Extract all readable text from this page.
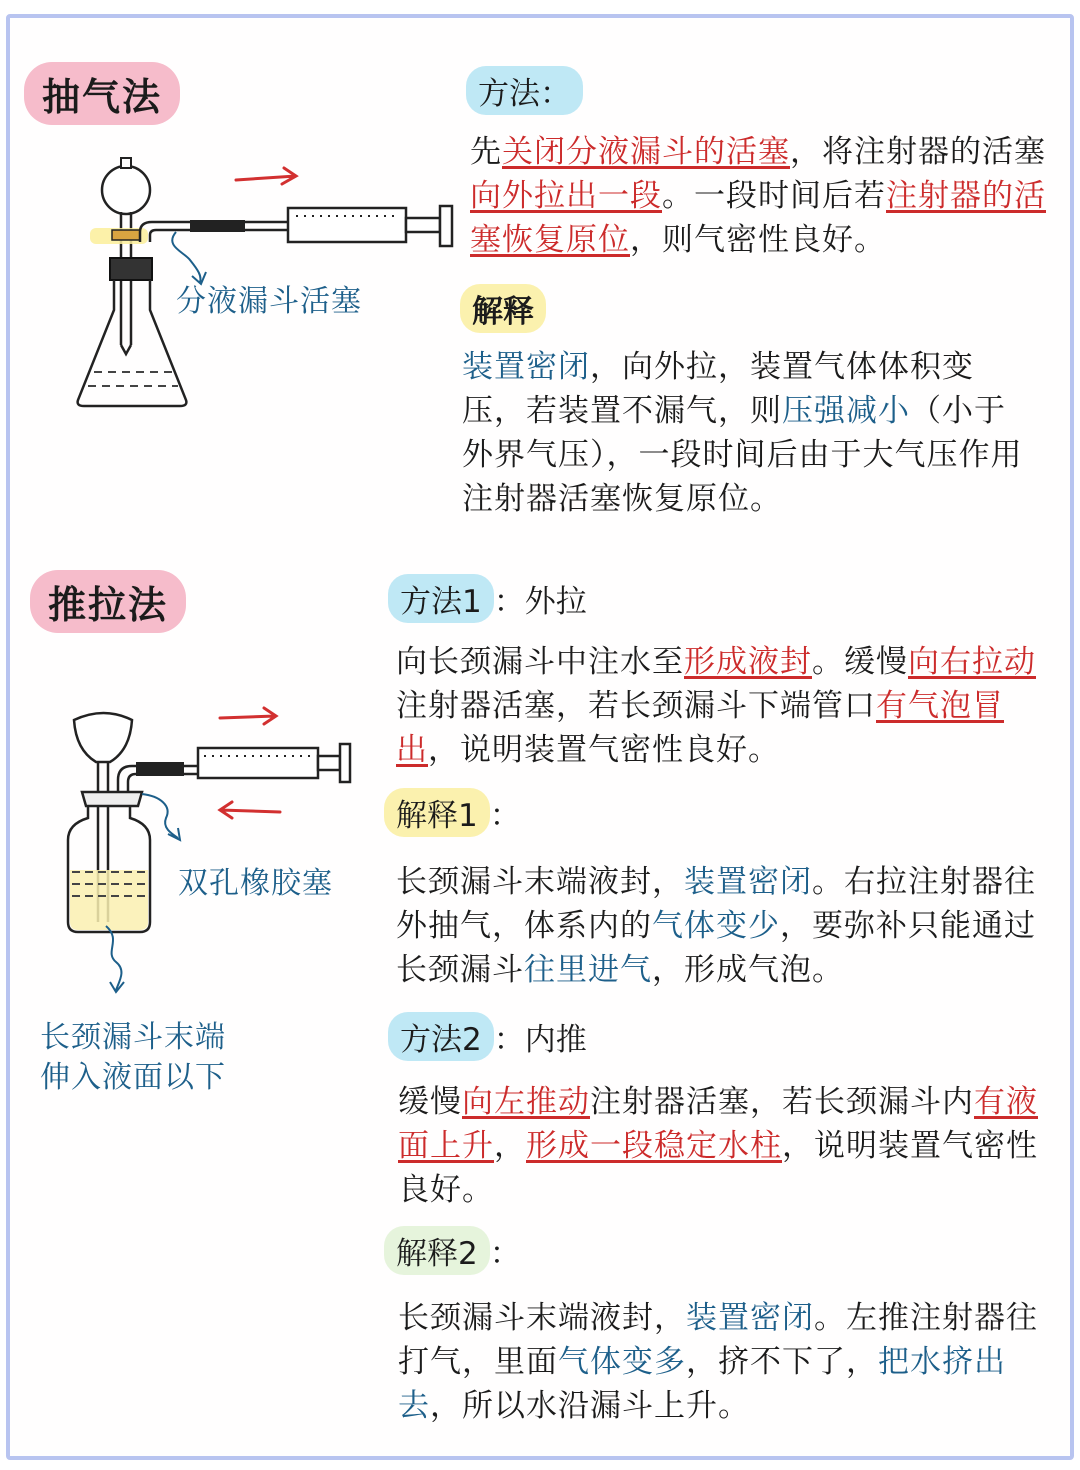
抽气法	方法：
先关闭分液漏斗的活塞，将注射器的活塞向外拉出一段。一段时间后若注射器的活塞恢复原位，则气密性良好。
解释
装置密闭，向外拉，装置气体体积变压，若装置不漏气，则压强减小（小于外界气压），一段时间后由于大气压作用注射器活塞恢复原位。
分液漏斗活塞
推拉法	方法1 ：外拉
向长颈漏斗中注水至形成液封。缓慢向右拉动注射器活塞，若长颈漏斗下端管口有气泡冒出，说明装置气密性良好。
解释1 ：
长颈漏斗末端液封，装置密闭。右拉注射器往外抽气，体系内的气体变少，要弥补只能通过长颈漏斗往里进气，形成气泡。
方法2 ：内推
缓慢向左推动注射器活塞，若长颈漏斗内有液面上升，形成一段稳定水柱，说明装置气密性良好。
解释2 ：
长颈漏斗末端液封，装置密闭。左推注射器往打气，里面气体变多，挤不下了，把水挤出去，所以水沿漏斗上升。
双孔橡胶塞
长颈漏斗末端
伸入液面以下
